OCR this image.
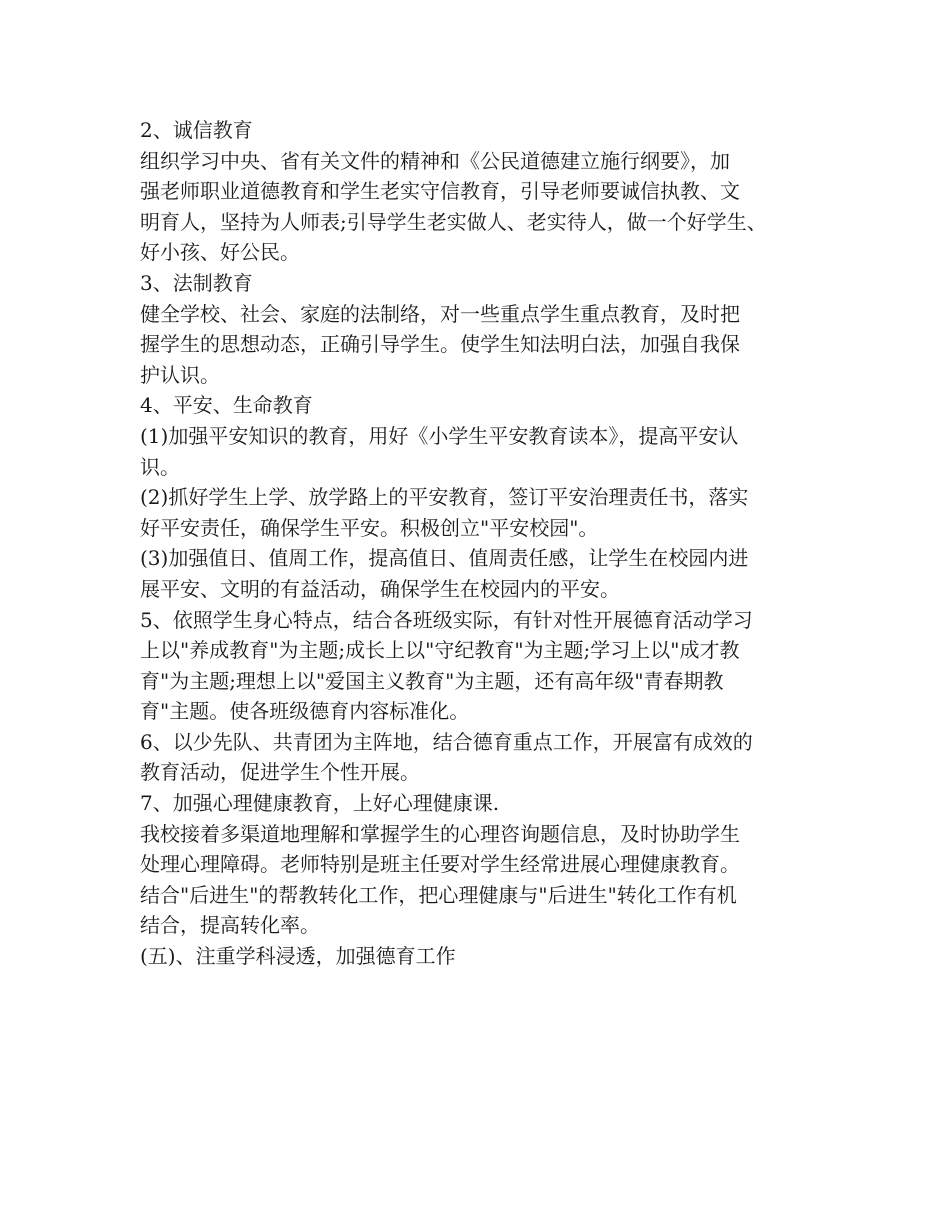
2、诚信教育

组织学习中央、省有关文件的精神和《公民道德建立施行纲要》，加
强老师职业道德教育和学生老实守信教育，引导老师要诚信执教、文
明育人，坚持为人师表;引导学生老实做人、老实待人，做一个好学生、
好小孩、好公民。

3、法制教育

健全学校、社会、家庭的法制络，对一些重点学生重点教育，及时把
握学生的思想动态，正确引导学生。使学生知法明白法，加强自我保
护认识。

4、平安、生命教育

(1)加强平安知识的教育，用好《小学生平安教育读本》，提高平安认
识。

(2)抓好学生上学、放学路上的平安教育，签订平安治理责任书，落实
好平安责任，确保学生平安。积极创立"平安校园"。

(3)加强值日、值周工作，提高值日、值周责任感，让学生在校园内进
展平安、文明的有益活动，确保学生在校园内的平安。

5、依照学生身心特点，结合各班级实际，有针对性开展德育活动学习
上以"养成教育"为主题;成长上以"守纪教育"为主题;学习上以"成才教
育"为主题;理想上以"爱国主义教育"为主题，还有高年级"青春期教
育"主题。使各班级德育内容标准化。

6、以少先队、共青团为主阵地，结合德育重点工作，开展富有成效的
教育活动，促进学生个性开展。

7、加强心理健康教育，上好心理健康课.

我校接着多渠道地理解和掌握学生的心理咨询题信息，及时协助学生
处理心理障碍。老师特别是班主任要对学生经常进展心理健康教育。
结合"后进生"的帮教转化工作，把心理健康与"后进生"转化工作有机
结合，提高转化率。

(五)、注重学科浸透，加强德育工作
